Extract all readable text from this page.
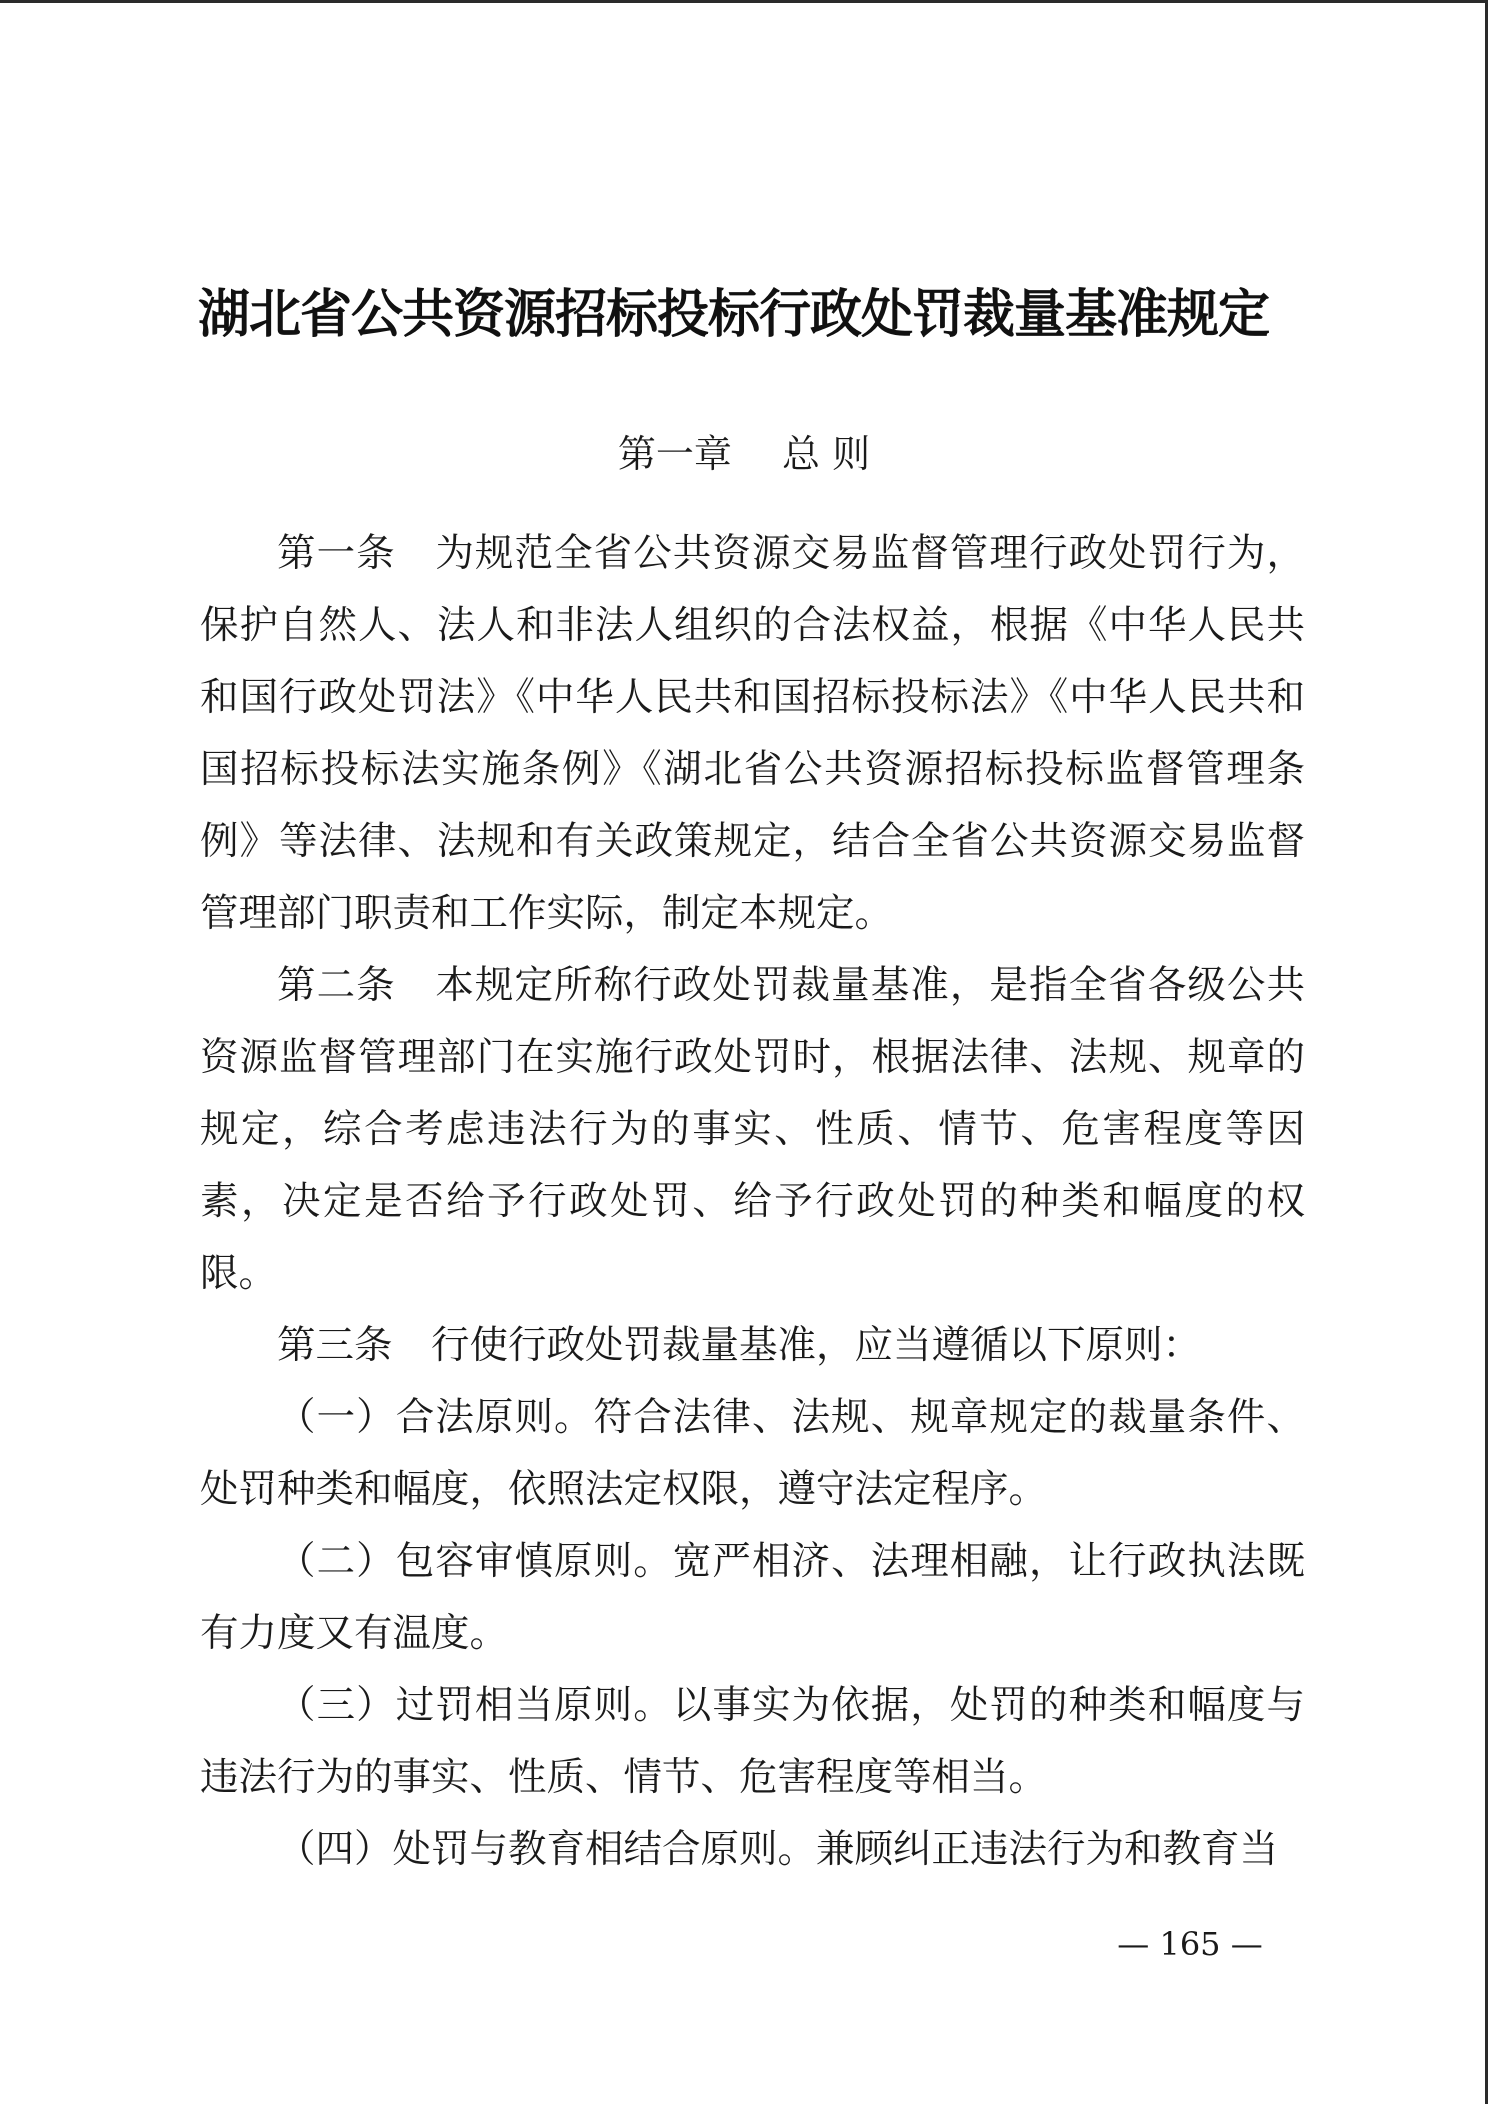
湖北省公共资源招标投标行政处罚裁量基准规定
第一章　 总 则

第一条　为规范全省公共资源交易监督管理行政处罚行为，保护自然人、法人和非法人组织的合法权益，根据《中华人民共和国行政处罚法》《中华人民共和国招标投标法》《中华人民共和国招标投标法实施条例》《湖北省公共资源招标投标监督管理条例》等法律、法规和有关政策规定，结合全省公共资源交易监督管理部门职责和工作实际，制定本规定。

第二条　本规定所称行政处罚裁量基准，是指全省各级公共资源监督管理部门在实施行政处罚时，根据法律、法规、规章的规定，综合考虑违法行为的事实、性质、情节、危害程度等因素，决定是否给予行政处罚、给予行政处罚的种类和幅度的权限。

第三条　行使行政处罚裁量基准，应当遵循以下原则：

（一）合法原则。符合法律、法规、规章规定的裁量条件、处罚种类和幅度，依照法定权限，遵守法定程序。

（二）包容审慎原则。宽严相济、法理相融，让行政执法既有力度又有温度。

（三）过罚相当原则。以事实为依据，处罚的种类和幅度与违法行为的事实、性质、情节、危害程度等相当。

（四）处罚与教育相结合原则。兼顾纠正违法行为和教育当

— 165 —
